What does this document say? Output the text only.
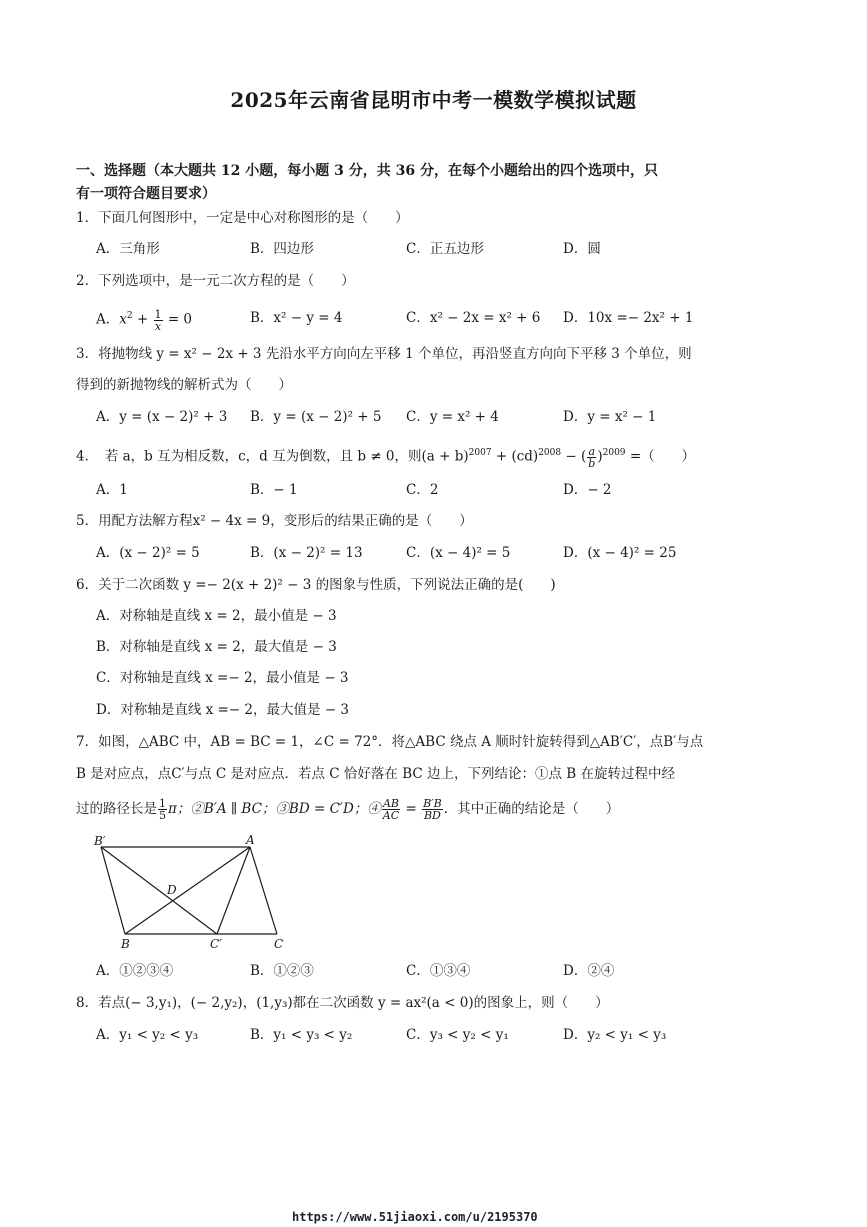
2025年云南省昆明市中考一模数学模拟试题
一、选择题（本大题共 12 小题，每小题 3 分，共 36 分，在每个小题给出的四个选项中，只
有一项符合题目要求）
1．下面几何图形中，一定是中心对称图形的是（　　）
A．三角形	B．四边形	C．正五边形	D．圆
2．下列选项中，是一元二次方程的是（　　）
A．$x^2 + \frac{1}{x} = 0$	B．x² − y = 4	C．x² − 2x = x² + 6 D．10x =− 2x² + 1
3．将抛物线 y = x² − 2x + 3 先沿水平方向向左平移 1 个单位，再沿竖直方向向下平移 3 个单位，则
得到的新抛物线的解析式为（　　）
A．y = (x − 2)² + 3 B．y = (x − 2)² + 5 C．y = x² + 4	D．y = x² − 1
4．　若 a，b 互为相反数，c，d 互为倒数，且 b ≠ 0，则$(a + b)^{2007} + (cd)^{2008}$ − ( $\frac{a}{b} )^{2009}$ =（　　）
A．1	B．− 1	C．2	D．− 2
5．用配方法解方程x² − 4x = 9，变形后的结果正确的是（　　）
A．(x − 2)² = 5	B．(x − 2)² = 13	C．(x − 4)² = 5	D．(x − 4)² = 25
6．关于二次函数 y =− 2(x + 2)² − 3 的图象与性质，下列说法正确的是(　　)
A．对称轴是直线 x = 2，最小值是 − 3
B．对称轴是直线 x = 2，最大值是 − 3
C．对称轴是直线 x =− 2，最小值是 − 3
D．对称轴是直线 x =− 2，最大值是 − 3
7．如图，△ABC 中，AB = BC = 1，∠C = 72°．将△ABC 绕点 A 顺时针旋转得到△AB′C′，点B′与点
B 是对应点，点C′与点 C 是对应点．若点 C 恰好落在 BC 边上，下列结论：①点 B 在旋转过程中经
过的路径长是 $\frac{1}{5}$ π；②B′A ∥ BC；③BD = C′D；④ $\frac{AB}{AC} = \frac{B'B}{BD}$ ．其中正确的结论是（　　）
B′	A
D
B	C′	C
A．①②③④	B．①②③	C．①③④	D．②④
8．若点(− 3,y₁)，(− 2,y₂)，(1,y₃)都在二次函数 y = ax²(a < 0)的图象上，则（　　）
A．y₁ < y₂ < y₃	B．y₁ < y₃ < y₂	C．y₃ < y₂ < y₁	D．y₂ < y₁ < y₃
https://www.51jiaoxi.com/u/2195370
